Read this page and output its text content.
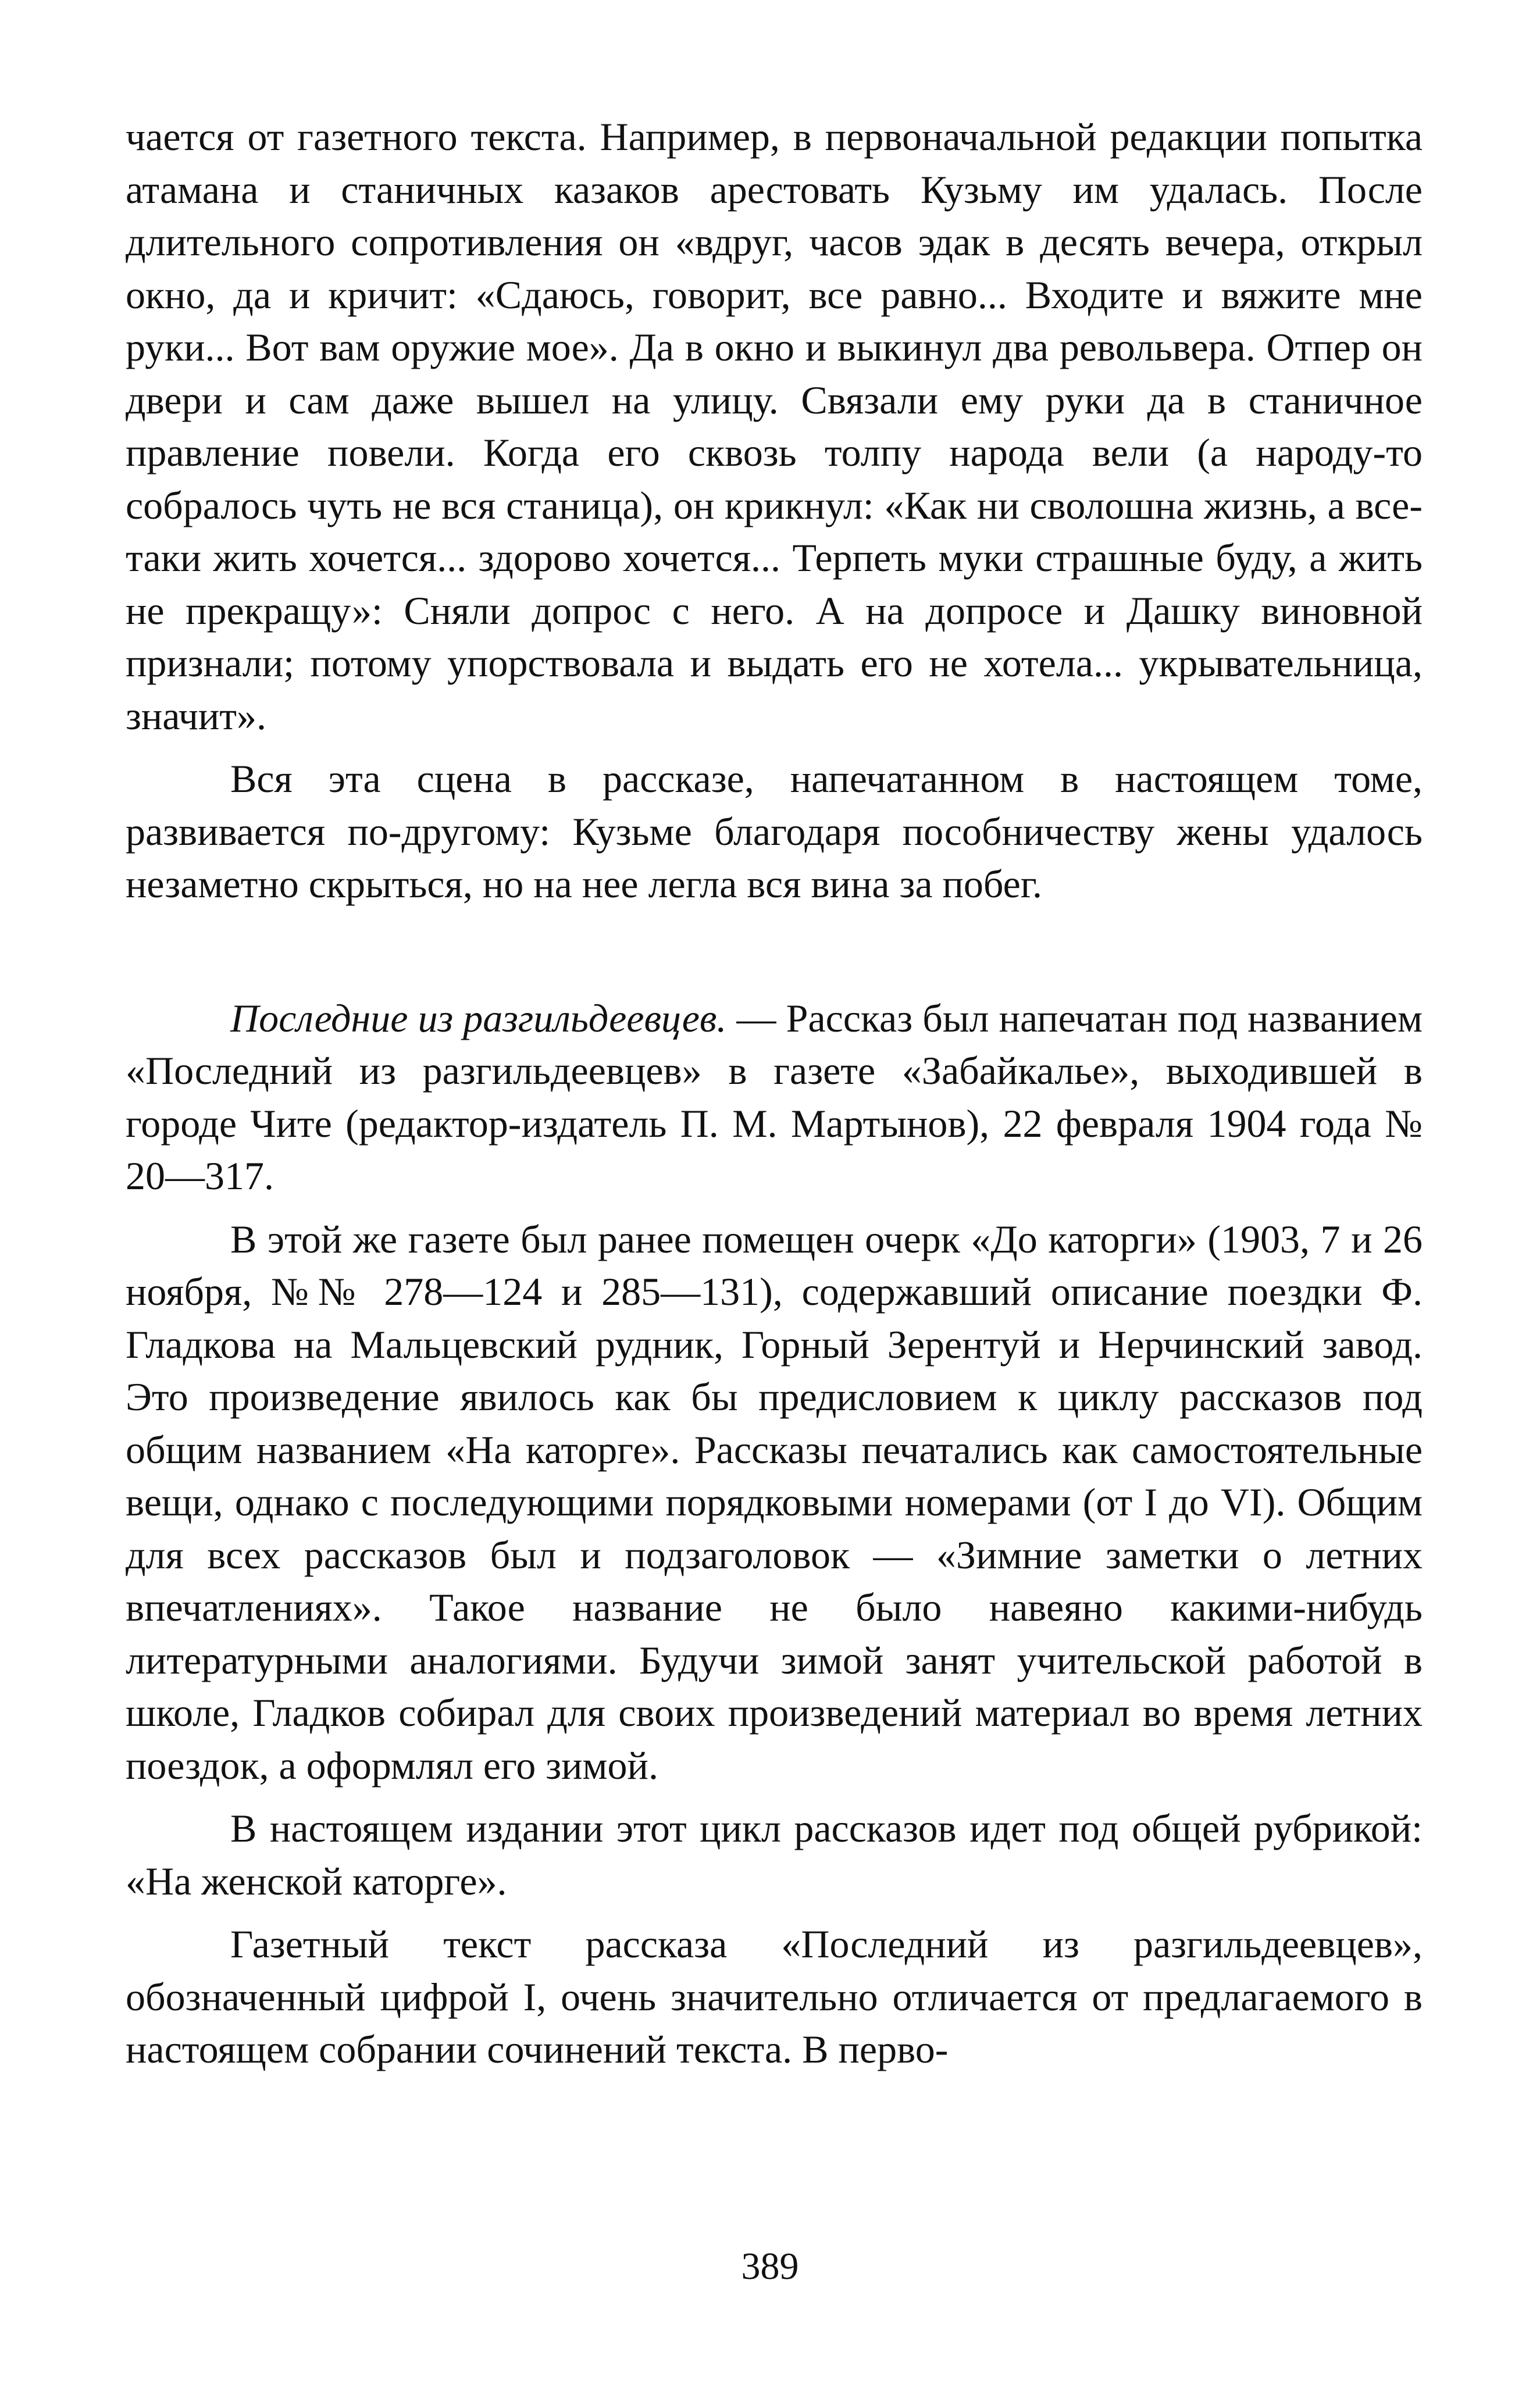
чается от газетного текста. Например, в первоначальной редакции попытка атамана и станичных казаков арестовать Кузьму им удалась. После длительного сопротивления он «вдруг, часов эдак в десять вечера, открыл окно, да и кричит: «Сдаюсь, говорит, все равно... Входите и вяжите мне руки... Вот вам оружие мое». Да в окно и выкинул два револьвера. Отпер он двери и сам даже вышел на улицу. Связали ему руки да в станичное правление повели. Когда его сквозь толпу народа вели (а народу-то собралось чуть не вся станица), он крикнул: «Как ни сволошна жизнь, а все-таки жить хочется... здорово хочется... Терпеть муки страшные буду, а жить не прекращу»: Сняли допрос с него. А на допросе и Дашку виновной признали; потому упорствовала и выдать его не хотела... укрывательница, значит».

Вся эта сцена в рассказе, напечатанном в настоящем томе, развивается по-другому: Кузьме благодаря пособничеству жены удалось незаметно скрыться, но на нее легла вся вина за побег.

Последние из разгильдеевцев. — Рассказ был напечатан под названием «Последний из разгильдеевцев» в газете «Забайкалье», выходившей в городе Чите (редактор-издатель П. М. Мартынов), 22 февраля 1904 года № 20—317.

В этой же газете был ранее помещен очерк «До каторги» (1903, 7 и 26 ноября, №№ 278—124 и 285—131), содержавший описание поездки Ф. Гладкова на Мальцевский рудник, Горный Зерентуй и Нерчинский завод. Это произведение явилось как бы предисловием к циклу рассказов под общим названием «На каторге». Рассказы печатались как самостоятельные вещи, однако с последующими порядковыми номерами (от I до VI). Общим для всех рассказов был и подзаголовок — «Зимние заметки о летних впечатлениях». Такое название не было навеяно какими-нибудь литературными аналогиями. Будучи зимой занят учительской работой в школе, Гладков собирал для своих произведений материал во время летних поездок, а оформлял его зимой.

В настоящем издании этот цикл рассказов идет под общей рубрикой: «На женской каторге».

Газетный текст рассказа «Последний из разгильдеевцев», обозначенный цифрой I, очень значительно отличается от предлагаемого в настоящем собрании сочинений текста. В перво-

389
